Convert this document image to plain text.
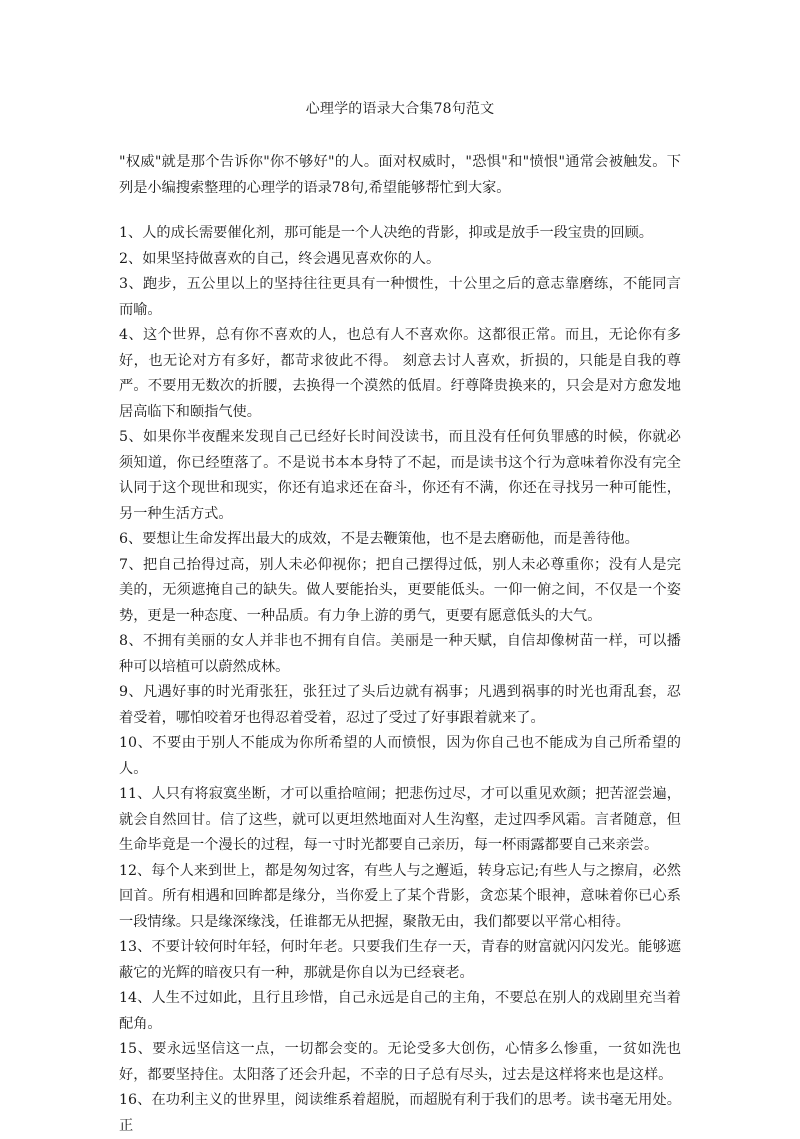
心理学的语录大合集78句范文

"权威"就是那个告诉你"你不够好"的人。面对权威时，"恐惧"和"愤恨"通常会被触发。下列是小编搜索整理的心理学的语录78句,希望能够帮忙到大家。

1、人的成长需要催化剂，那可能是一个人决绝的背影，抑或是放手一段宝贵的回顾。

2、如果坚持做喜欢的自己，终会遇见喜欢你的人。

3、跑步，五公里以上的坚持往往更具有一种惯性，十公里之后的意志靠磨练，不能同言而喻。

4、这个世界，总有你不喜欢的人，也总有人不喜欢你。这都很正常。而且，无论你有多好，也无论对方有多好，都苛求彼此不得。 刻意去讨人喜欢，折损的，只能是自我的尊严。不要用无数次的折腰，去换得一个漠然的低眉。纡尊降贵换来的，只会是对方愈发地居高临下和颐指气使。

5、如果你半夜醒来发现自己已经好长时间没读书，而且没有任何负罪感的时候，你就必须知道，你已经堕落了。不是说书本本身特了不起，而是读书这个行为意味着你没有完全认同于这个现世和现实，你还有追求还在奋斗，你还有不满，你还在寻找另一种可能性，另一种生活方式。

6、要想让生命发挥出最大的成效，不是去鞭策他，也不是去磨砺他，而是善待他。

7、把自己抬得过高，别人未必仰视你；把自己摆得过低，别人未必尊重你；没有人是完美的，无须遮掩自己的缺失。做人要能抬头，更要能低头。一仰一俯之间，不仅是一个姿势，更是一种态度、一种品质。有力争上游的勇气，更要有愿意低头的大气。

8、不拥有美丽的女人并非也不拥有自信。美丽是一种天赋，自信却像树苗一样，可以播种可以培植可以蔚然成林。

9、凡遇好事的时光甭张狂，张狂过了头后边就有祸事；凡遇到祸事的时光也甭乱套，忍着受着，哪怕咬着牙也得忍着受着，忍过了受过了好事跟着就来了。

10、不要由于别人不能成为你所希望的人而愤恨，因为你自己也不能成为自己所希望的人。

11、人只有将寂寞坐断，才可以重拾喧闹；把悲伤过尽，才可以重见欢颜；把苦涩尝遍，就会自然回甘。信了这些，就可以更坦然地面对人生沟壑，走过四季风霜。言者随意，但生命毕竟是一个漫长的过程，每一寸时光都要自己亲历，每一杯雨露都要自己来亲尝。

12、每个人来到世上，都是匆匆过客，有些人与之邂逅，转身忘记;有些人与之擦肩，必然回首。所有相遇和回眸都是缘分，当你爱上了某个背影，贪恋某个眼神，意味着你已心系一段情缘。只是缘深缘浅，任谁都无从把握，聚散无由，我们都要以平常心相待。

13、不要计较何时年轻，何时年老。只要我们生存一天，青春的财富就闪闪发光。能够遮蔽它的光辉的暗夜只有一种，那就是你自以为已经衰老。

14、人生不过如此，且行且珍惜，自己永远是自己的主角，不要总在别人的戏剧里充当着配角。

15、要永远坚信这一点，一切都会变的。无论受多大创伤，心情多么惨重，一贫如洗也好，都要坚持住。太阳落了还会升起，不幸的日子总有尽头，过去是这样将来也是这样。

16、在功利主义的世界里，阅读维系着超脱，而超脱有利于我们的思考。读书毫无用处。正
